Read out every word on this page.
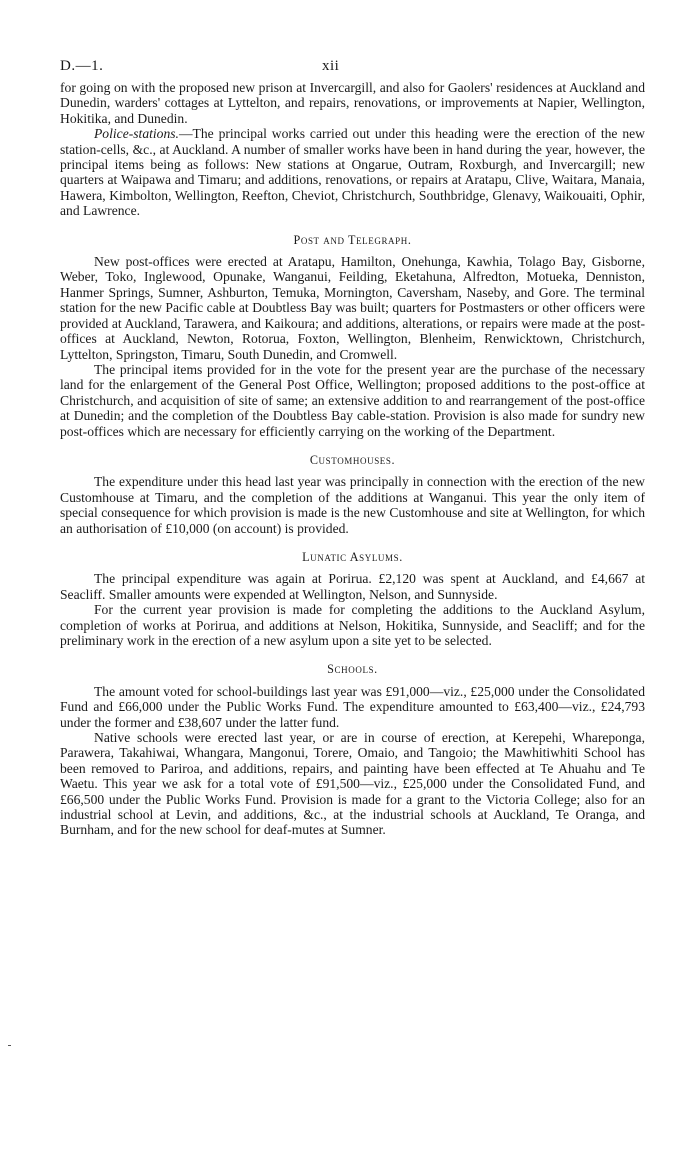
D.—1.	xii

for going on with the proposed new prison at Invercargill, and also for Gaolers' residences at Auckland and Dunedin, warders' cottages at Lyttelton, and repairs, renovations, or improvements at Napier, Wellington, Hokitika, and Dunedin.

Police-stations.—The principal works carried out under this heading were the erection of the new station-cells, &c., at Auckland. A number of smaller works have been in hand during the year, however, the principal items being as follows: New stations at Ongarue, Outram, Roxburgh, and Invercargill; new quarters at Waipawa and Timaru; and additions, renovations, or repairs at Aratapu, Clive, Waitara, Manaia, Hawera, Kimbolton, Wellington, Reefton, Cheviot, Christchurch, Southbridge, Glenavy, Waikouaiti, Ophir, and Lawrence.

Post and Telegraph.

New post-offices were erected at Aratapu, Hamilton, Onehunga, Kawhia, Tolago Bay, Gisborne, Weber, Toko, Inglewood, Opunake, Wanganui, Feilding, Eketahuna, Alfredton, Motueka, Denniston, Hanmer Springs, Sumner, Ashburton, Temuka, Mornington, Caversham, Naseby, and Gore. The terminal station for the new Pacific cable at Doubtless Bay was built; quarters for Postmasters or other officers were provided at Auckland, Tarawera, and Kaikoura; and additions, alterations, or repairs were made at the post-offices at Auckland, Newton, Rotorua, Foxton, Wellington, Blenheim, Renwicktown, Christchurch, Lyttelton, Springston, Timaru, South Dunedin, and Cromwell.

The principal items provided for in the vote for the present year are the purchase of the necessary land for the enlargement of the General Post Office, Wellington; proposed additions to the post-office at Christchurch, and acquisition of site of same; an extensive addition to and rearrangement of the post-office at Dunedin; and the completion of the Doubtless Bay cable-station. Provision is also made for sundry new post-offices which are necessary for efficiently carrying on the working of the Department.

Customhouses.

The expenditure under this head last year was principally in connection with the erection of the new Customhouse at Timaru, and the completion of the additions at Wanganui. This year the only item of special consequence for which provision is made is the new Customhouse and site at Wellington, for which an authorisation of £10,000 (on account) is provided.

Lunatic Asylums.

The principal expenditure was again at Porirua. £2,120 was spent at Auckland, and £4,667 at Seacliff. Smaller amounts were expended at Wellington, Nelson, and Sunnyside.

For the current year provision is made for completing the additions to the Auckland Asylum, completion of works at Porirua, and additions at Nelson, Hokitika, Sunnyside, and Seacliff; and for the preliminary work in the erection of a new asylum upon a site yet to be selected.

Schools.

The amount voted for school-buildings last year was £91,000—viz., £25,000 under the Consolidated Fund and £66,000 under the Public Works Fund. The expenditure amounted to £63,400—viz., £24,793 under the former and £38,607 under the latter fund.

Native schools were erected last year, or are in course of erection, at Kerepehi, Whareponga, Parawera, Takahiwai, Whangara, Mangonui, Torere, Omaio, and Tangoio; the Mawhitiwhiti School has been removed to Pariroa, and additions, repairs, and painting have been effected at Te Ahuahu and Te Waetu. This year we ask for a total vote of £91,500—viz., £25,000 under the Consolidated Fund, and £66,500 under the Public Works Fund. Provision is made for a grant to the Victoria College; also for an industrial school at Levin, and additions, &c., at the industrial schools at Auckland, Te Oranga, and Burnham, and for the new school for deaf-mutes at Sumner.
